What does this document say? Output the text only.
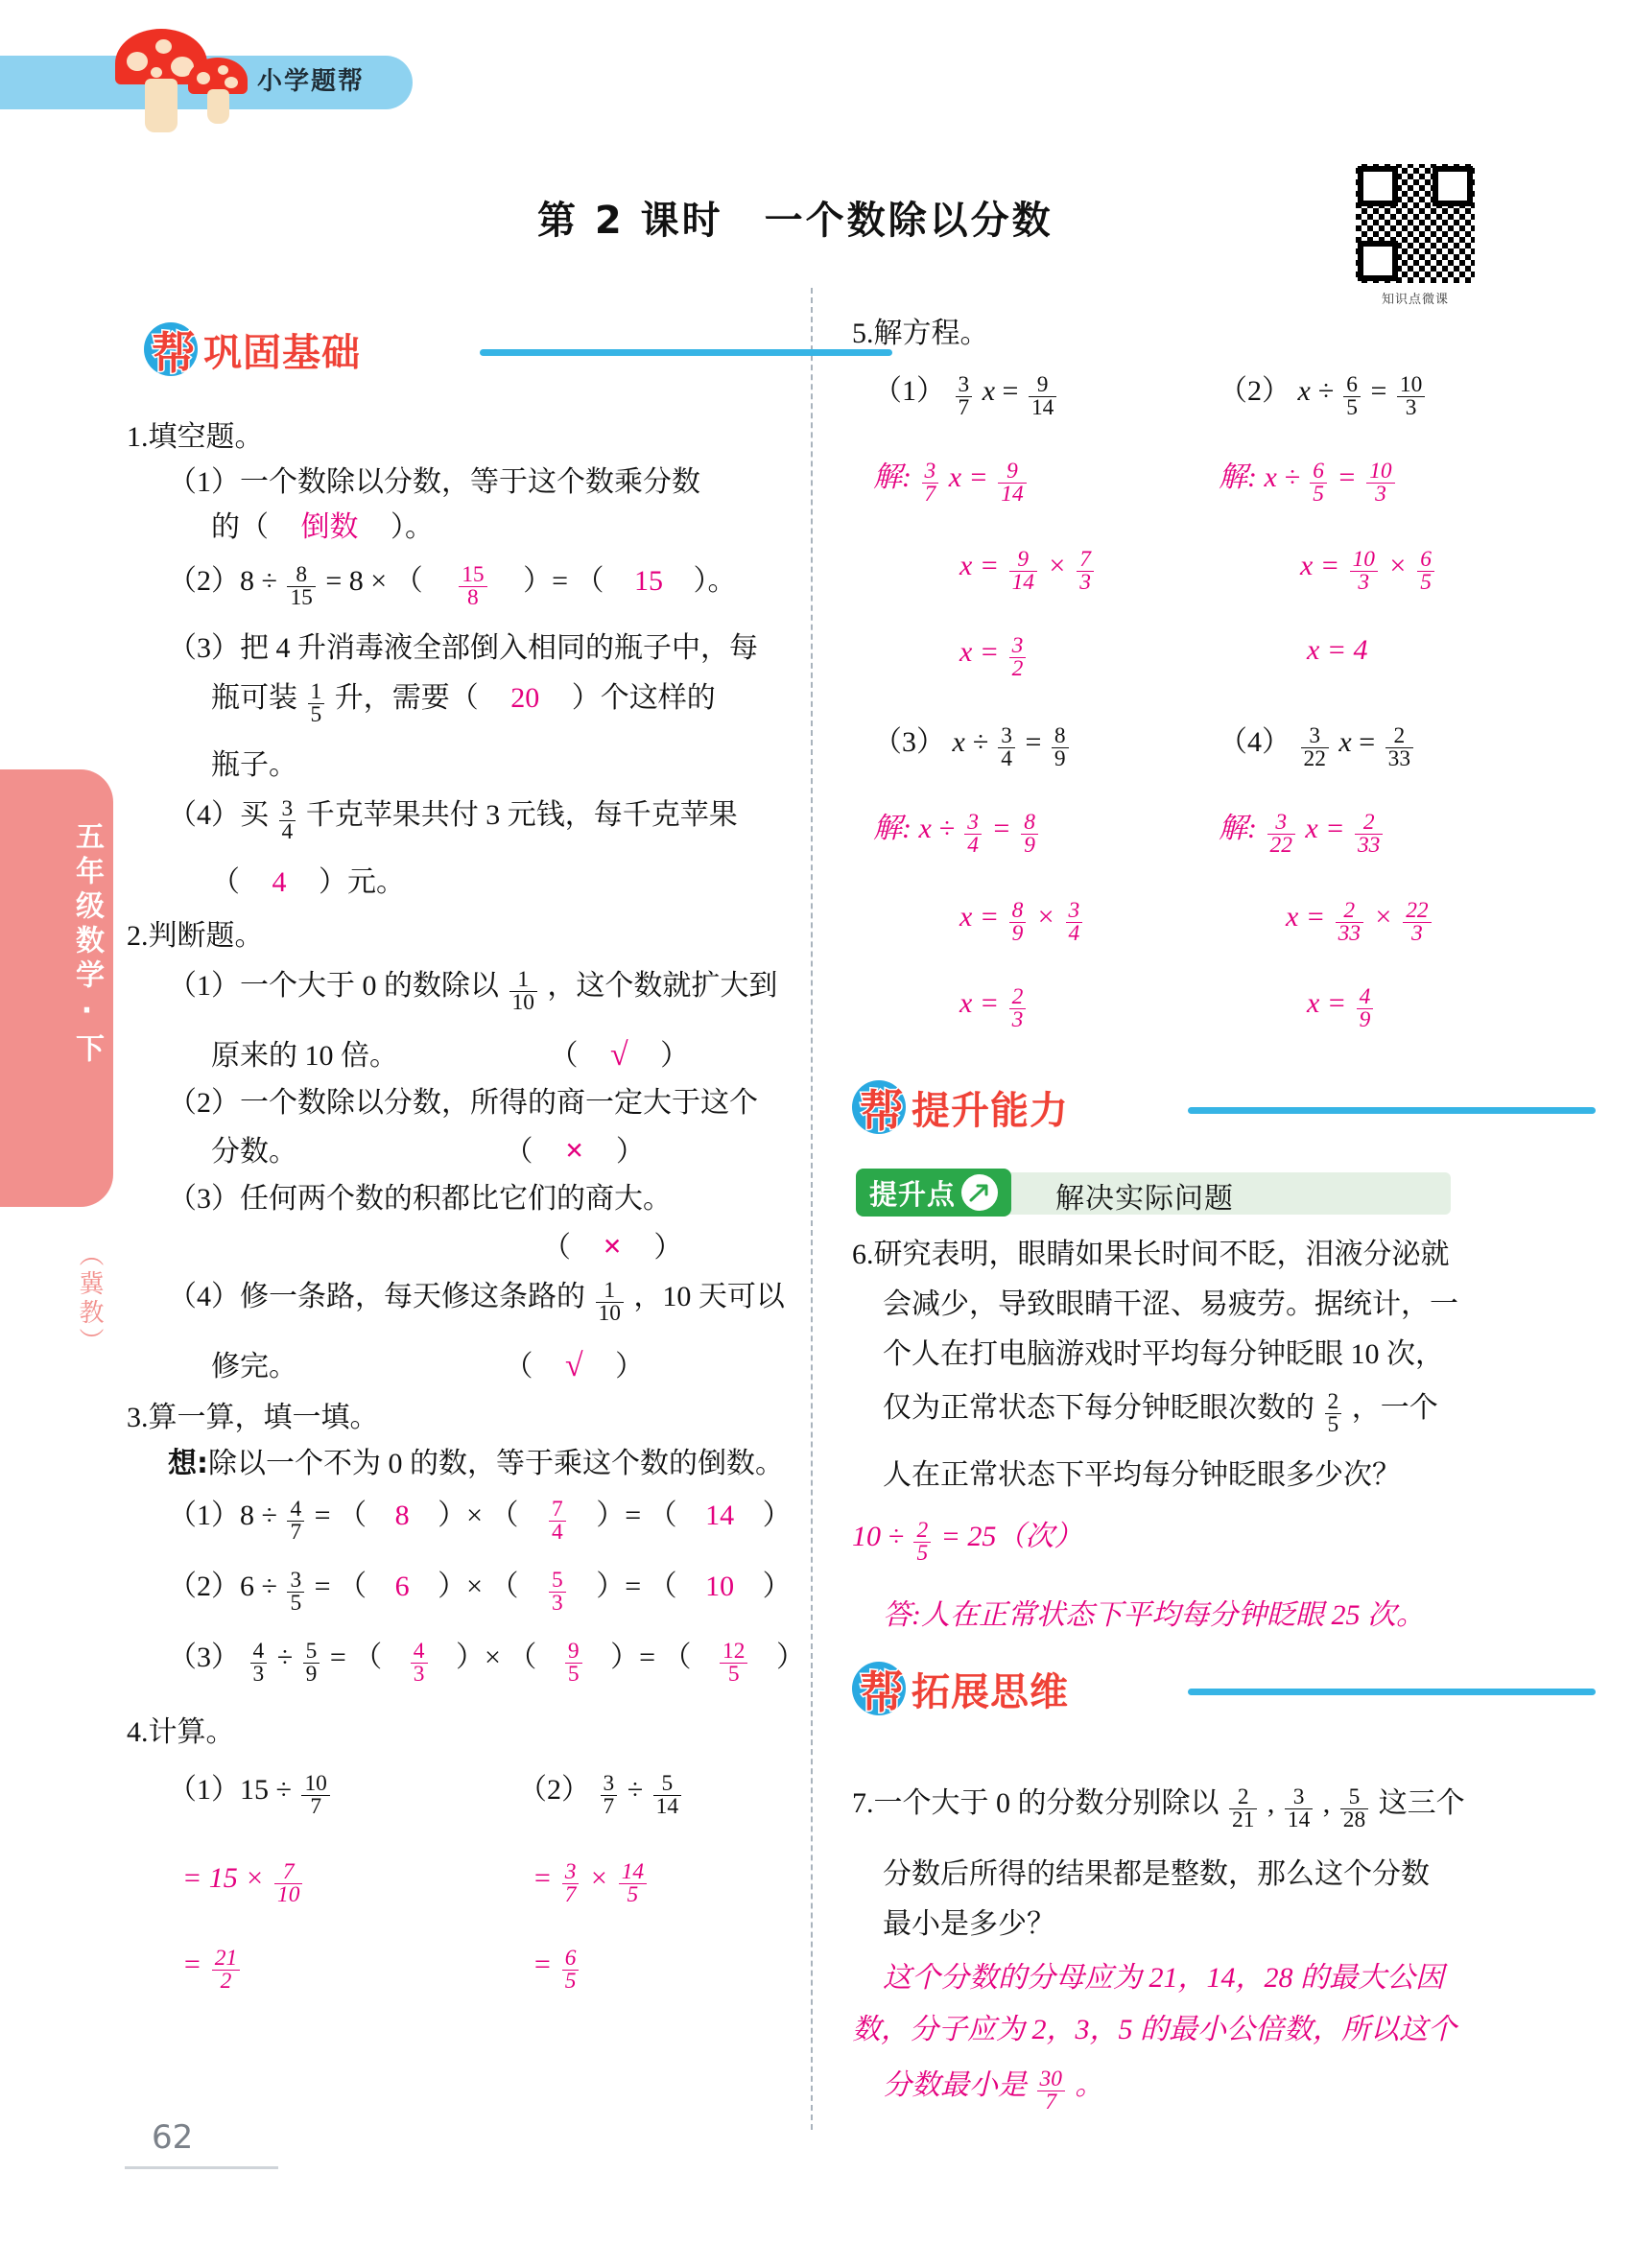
小学题帮
第 2 课时　一个数除以分数
知识点微课
五年级数学·下
（冀教）
帮 巩固基础
1.填空题。
（1）一个数除以分数，等于这个数乘分数
的（ 倒数 ）。
$(2)8 \div \frac{8}{15} = 8$ × （ $\frac{15}{8}$ ）= （ 15 ）。
（3）把 4 升消毒液全部倒入相同的瓶子中，每
瓶可装 $\frac{1}{5}$ 升，需要（ 20 ）个这样的
瓶子。
（4）买 $\frac{3}{4}$ 千克苹果共付 3 元钱，每千克苹果
（ 4 ）元。
2.判断题。
（1）一个大于 0 的数除以 $\frac{1}{10}$ ，这个数就扩大到
原来的 10 倍。	（ √ ）
（2）一个数除以分数，所得的商一定大于这个
分数。	（ × ）
（3）任何两个数的积都比它们的商大。
（ × ）
（4）修一条路，每天修这条路的 $\frac{1}{10}$ ，10 天可以
修完。	（ √ ）
3.算一算，填一填。
想:除以一个不为 0 的数，等于乘这个数的倒数。
$(1)8 \div \frac{4}{7}$ = （ 8 ）× （ $\frac{7}{4}$ ）= （ 14 ）
$(2)6 \div \frac{3}{5}$ = （ 6 ）× （ $\frac{5}{3}$ ）= （ 10 ）
$(3) \frac{4}{3} \div \frac{5}{9}$ = （ $\frac{4}{3}$ ）× （ $\frac{9}{5}$ ）= （ $\frac{12}{5}$ ）
4.计算。
$(1)15 \div \frac{10}{7}$
= $15 \times \frac{7}{10}$
= $\frac{21}{2}$
$(2) \frac{3}{7} \div \frac{5}{14}$
= $\frac{3}{7} \times \frac{14}{5}$
= $\frac{6}{5}$
5.解方程。
$(1) \frac{3}{7}$ $x = \frac{9}{14}$
解: $\frac{3}{7}$ $x = \frac{9}{14}$
$x = \frac{9}{14} \times \frac{7}{3}$
$x = \frac{3}{2}$
（2） $x \div \frac{6}{5} = \frac{10}{3}$
解: $x \div \frac{6}{5} = \frac{10}{3}$
$x = \frac{10}{3} \times \frac{6}{5}$
x = 4
（3） $x \div \frac{3}{4} = \frac{8}{9}$
解: $x \div \frac{3}{4} = \frac{8}{9}$
$x = \frac{8}{9} \times \frac{3}{4}$
$x = \frac{2}{3}$
$(4) \frac{3}{22}$ $x = \frac{2}{33}$
解: $\frac{3}{22}$ $x = \frac{2}{33}$
$x = \frac{2}{33} \times \frac{22}{3}$
$x = \frac{4}{9}$
帮 提升能力
提升点	解决实际问题
6.研究表明，眼睛如果长时间不眨，泪液分泌就
会减少，导致眼睛干涩、易疲劳。据统计，一
个人在打电脑游戏时平均每分钟眨眼 10 次，
仅为正常状态下每分钟眨眼次数的 $\frac{2}{5}$ ，一个
人在正常状态下平均每分钟眨眼多少次？
$10 \div \frac{2}{5} = 25$（次）
答:人在正常状态下平均每分钟眨眼 25 次。
帮 拓展思维
7.一个大于 0 的分数分别除以 $\frac{2}{21}$ , $\frac{3}{14}$ , $\frac{5}{28}$ 这三个
分数后所得的结果都是整数，那么这个分数
最小是多少？
这个分数的分母应为 21，14，28 的最大公因
数，分子应为 2，3，5 的最小公倍数，所以这个
分数最小是 $\frac{30}{7}$ 。
62
